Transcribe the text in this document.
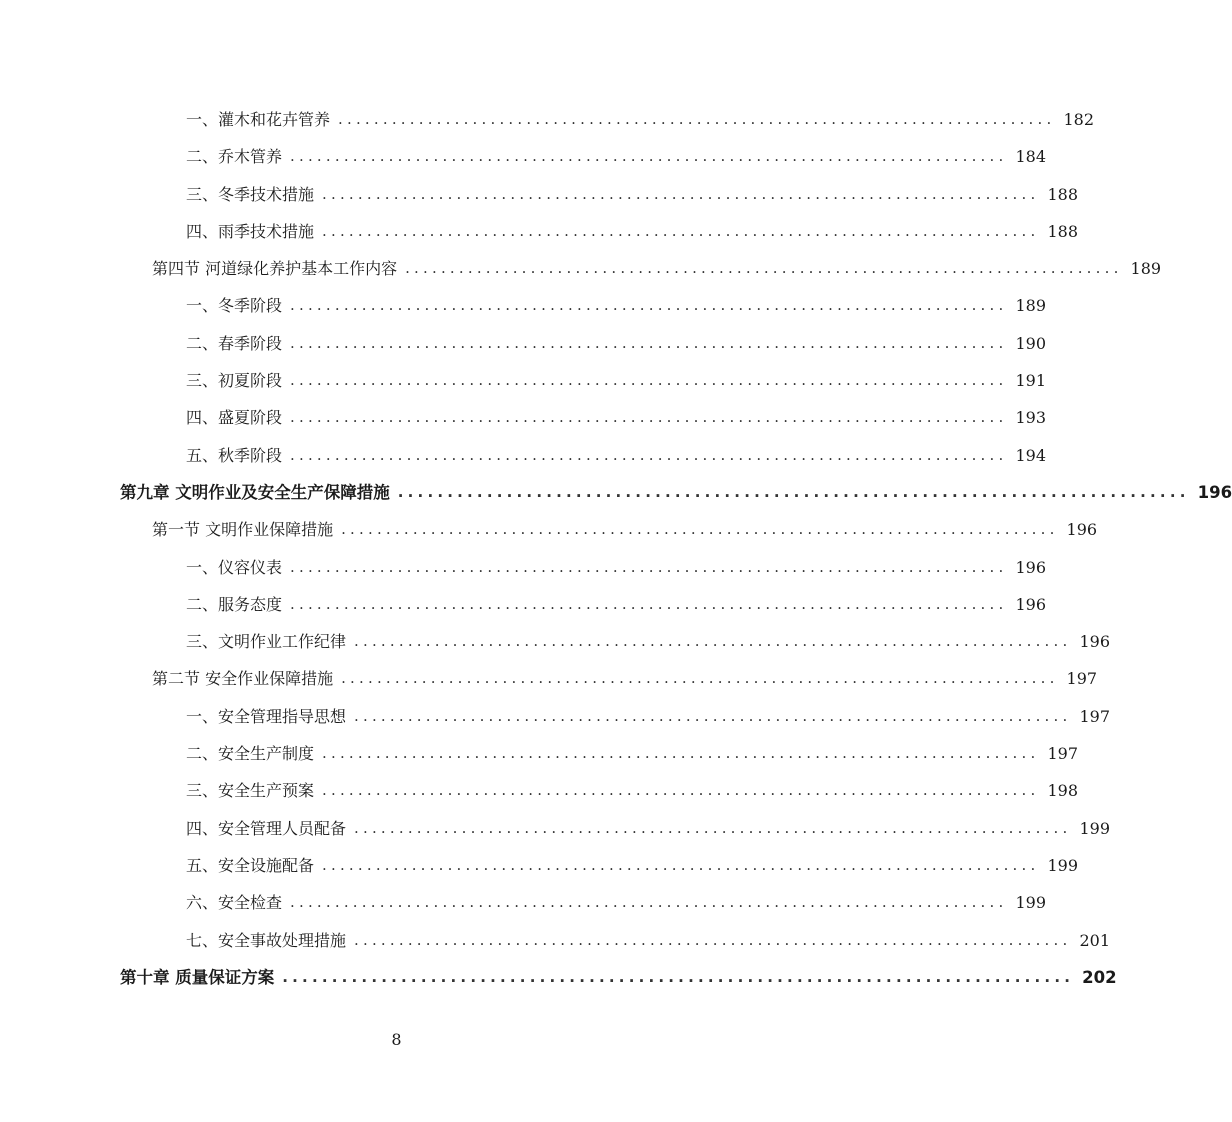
一、灌木和花卉管养 ................................................................................ 182
二、乔木管养 ................................................................................ 184
三、冬季技术措施 ................................................................................ 188
四、雨季技术措施 ................................................................................ 188
第四节 河道绿化养护基本工作内容 ................................................................................ 189
一、冬季阶段 ................................................................................ 189
二、春季阶段 ................................................................................ 190
三、初夏阶段 ................................................................................ 191
四、盛夏阶段 ................................................................................ 193
五、秋季阶段 ................................................................................ 194
第九章 文明作业及安全生产保障措施 ................................................................................ 196
第一节 文明作业保障措施 ................................................................................ 196
一、仪容仪表 ................................................................................ 196
二、服务态度 ................................................................................ 196
三、文明作业工作纪律 ................................................................................ 196
第二节 安全作业保障措施 ................................................................................ 197
一、安全管理指导思想 ................................................................................ 197
二、安全生产制度 ................................................................................ 197
三、安全生产预案 ................................................................................ 198
四、安全管理人员配备 ................................................................................ 199
五、安全设施配备 ................................................................................ 199
六、安全检查 ................................................................................ 199
七、安全事故处理措施 ................................................................................ 201
第十章 质量保证方案 ................................................................................ 202
8
